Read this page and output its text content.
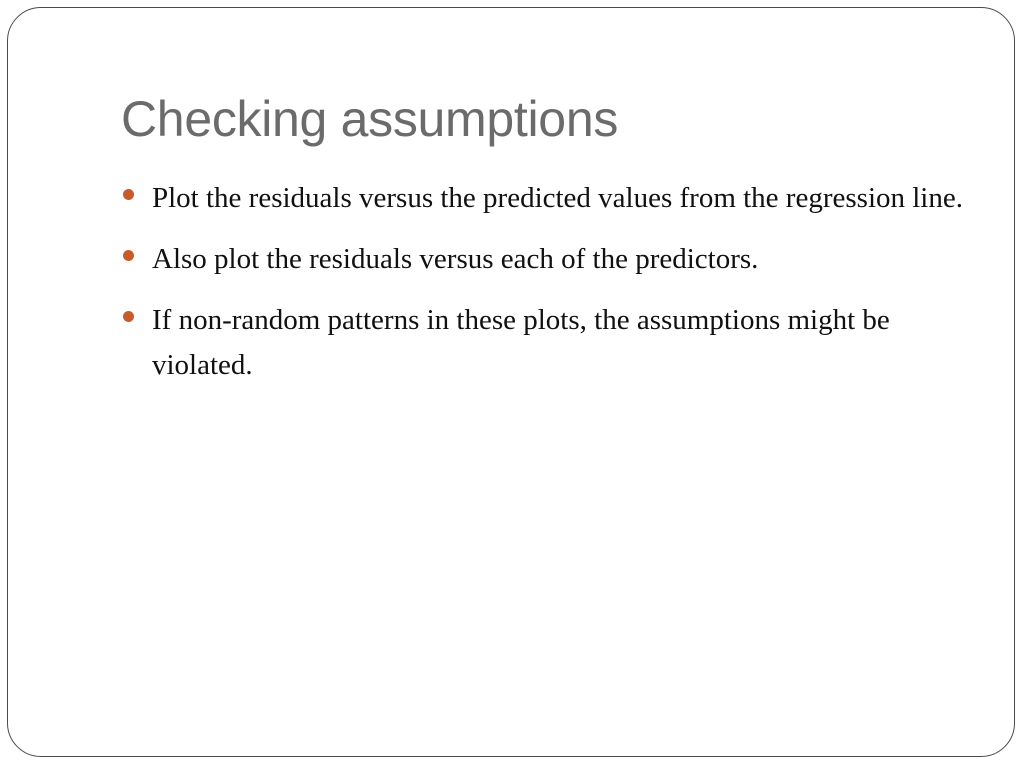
Checking assumptions
Plot the residuals versus the predicted values from the regression line.
Also plot the residuals versus each of the predictors.
If non-random patterns in these plots, the assumptions might be violated.
